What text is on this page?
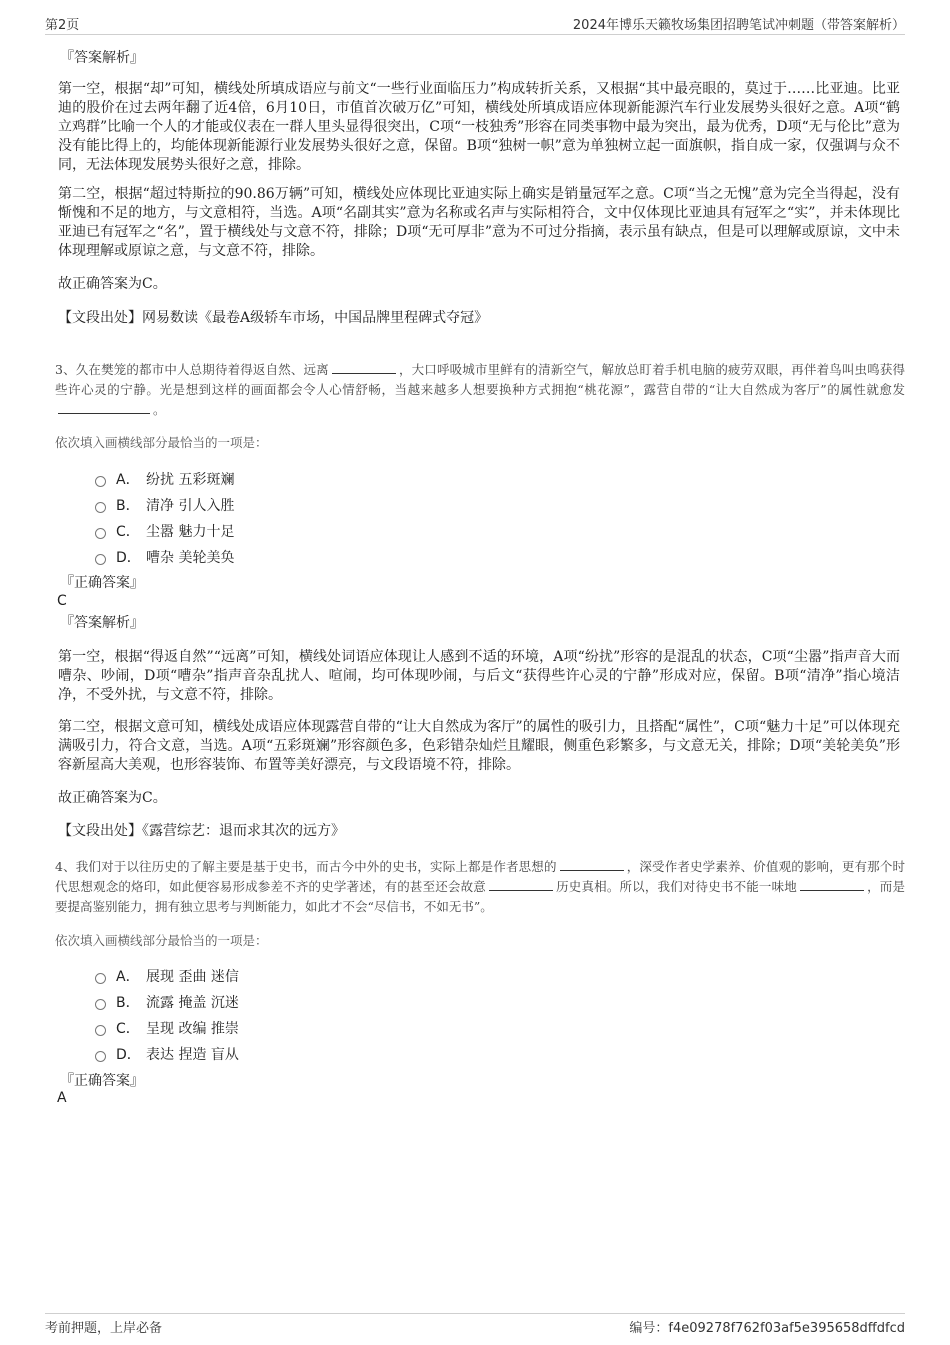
第2页	2024年博乐天籁牧场集团招聘笔试冲刺题（带答案解析）
『答案解析』
第一空，根据“却”可知，横线处所填成语应与前文“一些行业面临压力”构成转折关系，又根据“其中最亮眼的，莫过于……比亚迪。比亚迪的股价在过去两年翻了近4倍，6月10日，市值首次破万亿”可知，横线处所填成语应体现新能源汽车行业发展势头很好之意。A项“鹤立鸡群”比喻一个人的才能或仪表在一群人里头显得很突出，C项“一枝独秀”形容在同类事物中最为突出，最为优秀，D项“无与伦比”意为没有能比得上的，均能体现新能源行业发展势头很好之意，保留。B项“独树一帜”意为单独树立起一面旗帜，指自成一家，仅强调与众不同，无法体现发展势头很好之意，排除。
第二空，根据“超过特斯拉的90.86万辆”可知，横线处应体现比亚迪实际上确实是销量冠军之意。C项“当之无愧”意为完全当得起，没有惭愧和不足的地方，与文意相符，当选。A项“名副其实”意为名称或名声与实际相符合，文中仅体现比亚迪具有冠军之“实”，并未体现比亚迪已有冠军之“名”，置于横线处与文意不符，排除；D项“无可厚非”意为不可过分指摘，表示虽有缺点，但是可以理解或原谅，文中未体现理解或原谅之意，与文意不符，排除。
故正确答案为C。
【文段出处】网易数读《最卷A级轿车市场，中国品牌里程碑式夺冠》
3、久在樊笼的都市中人总期待着得返自然、远离	，大口呼吸城市里鲜有的清新空气，解放总盯着手机电脑的疲劳双眼，再伴着鸟叫虫鸣获得些许心灵的宁静。光是想到这样的画面都会令人心情舒畅，当越来越多人想要换种方式拥抱“桃花源”，露营自带的“让大自然成为客厅”的属性就愈发。
依次填入画横线部分最恰当的一项是：
A． 纷扰 五彩斑斓
B． 清净 引人入胜
C． 尘嚣 魅力十足
D． 嘈杂 美轮美奂
『正确答案』
C
『答案解析』
第一空，根据“得返自然”“远离”可知，横线处词语应体现让人感到不适的环境，A项“纷扰”形容的是混乱的状态，C项“尘嚣”指声音大而嘈杂、吵闹，D项“嘈杂”指声音杂乱扰人、喧闹，均可体现吵闹，与后文“获得些许心灵的宁静”形成对应，保留。B项“清净”指心境洁净，不受外扰，与文意不符，排除。
第二空，根据文意可知，横线处成语应体现露营自带的“让大自然成为客厅”的属性的吸引力，且搭配“属性”，C项“魅力十足”可以体现充满吸引力，符合文意，当选。A项“五彩斑斓”形容颜色多，色彩错杂灿烂且耀眼，侧重色彩繁多，与文意无关，排除；D项“美轮美奂”形容新屋高大美观，也形容装饰、布置等美好漂亮，与文段语境不符，排除。
故正确答案为C。
【文段出处】《露营综艺：退而求其次的远方》
4、我们对于以往历史的了解主要是基于史书，而古今中外的史书，实际上都是作者思想的	，深受作者史学素养、价值观的影响，更有那个时代思想观念的烙印，如此便容易形成参差不齐的史学著述，有的甚至还会故意	历史真相。所以，我们对待史书不能一味地	，而是要提高鉴别能力，拥有独立思考与判断能力，如此才不会“尽信书，不如无书”。
依次填入画横线部分最恰当的一项是：
A． 展现 歪曲 迷信
B． 流露 掩盖 沉迷
C． 呈现 改编 推崇
D． 表达 捏造 盲从
『正确答案』
A
考前押题，上岸必备	编号：f4e09278f762f03af5e395658dffdfcd
